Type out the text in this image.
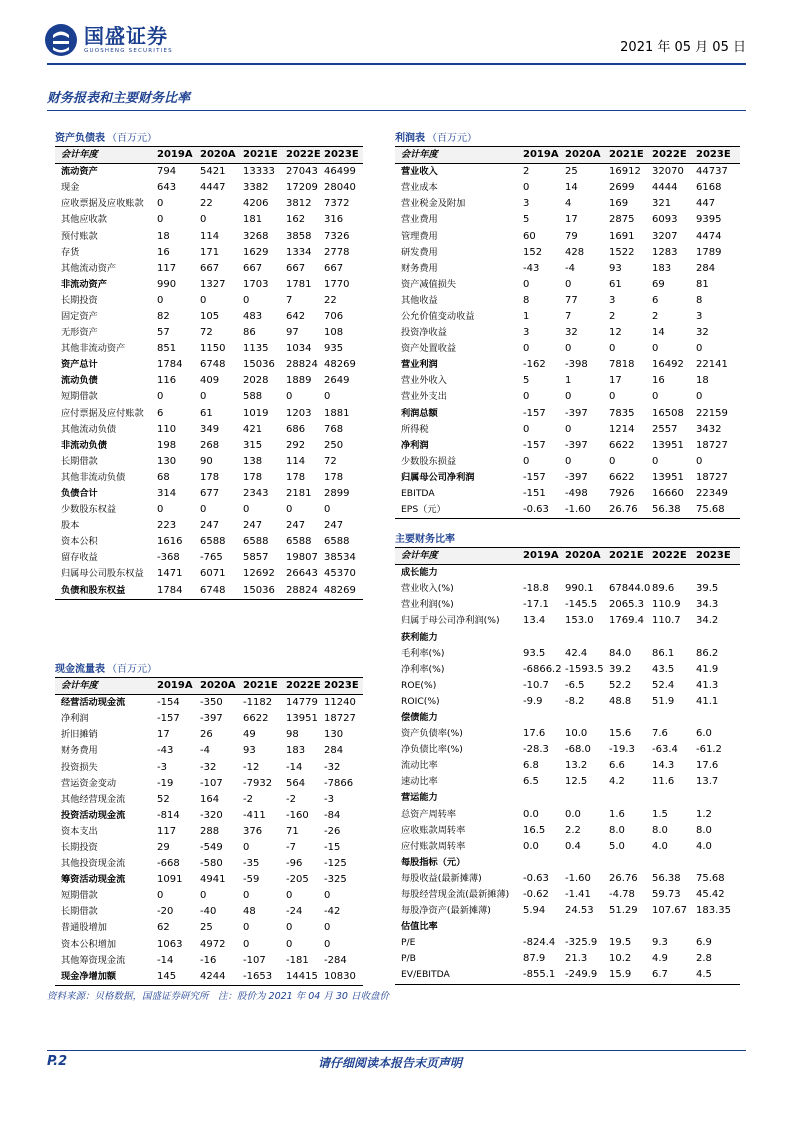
国盛证券
GUOSHENG SECURITIES	2021 年 05 月 05 日
财务报表和主要财务比率
资产负债表 （百万元）
会计年度	2019A	2020A	2021E	2022E	2023E
流动资产	794	5421	13333	27043	46499
现金	643	4447	3382	17209	28040
应收票据及应收账款	0	22	4206	3812	7372
其他应收款	0	0	181	162	316
预付账款	18	114	3268	3858	7326
存货	16	171	1629	1334	2778
其他流动资产	117	667	667	667	667
非流动资产	990	1327	1703	1781	1770
长期投资	0	0	0	7	22
固定资产	82	105	483	642	706
无形资产	57	72	86	97	108
其他非流动资产	851	1150	1135	1034	935
资产总计	1784	6748	15036	28824	48269
流动负债	116	409	2028	1889	2649
短期借款	0	0	588	0	0
应付票据及应付账款	6	61	1019	1203	1881
其他流动负债	110	349	421	686	768
非流动负债	198	268	315	292	250
长期借款	130	90	138	114	72
其他非流动负债	68	178	178	178	178
负债合计	314	677	2343	2181	2899
少数股东权益	0	0	0	0	0
股本	223	247	247	247	247
资本公积	1616	6588	6588	6588	6588
留存收益	-368	-765	5857	19807	38534
归属母公司股东权益	1471	6071	12692	26643	45370
负债和股东权益	1784	6748	15036	28824	48269
利润表 （百万元）
会计年度	2019A	2020A	2021E	2022E	2023E
营业收入	2	25	16912	32070	44737
营业成本	0	14	2699	4444	6168
营业税金及附加	3	4	169	321	447
营业费用	5	17	2875	6093	9395
管理费用	60	79	1691	3207	4474
研发费用	152	428	1522	1283	1789
财务费用	-43	-4	93	183	284
资产减值损失	0	0	61	69	81
其他收益	8	77	3	6	8
公允价值变动收益	1	7	2	2	3
投资净收益	3	32	12	14	32
资产处置收益	0	0	0	0	0
营业利润	-162	-398	7818	16492	22141
营业外收入	5	1	17	16	18
营业外支出	0	0	0	0	0
利润总额	-157	-397	7835	16508	22159
所得税	0	0	1214	2557	3432
净利润	-157	-397	6622	13951	18727
少数股东损益	0	0	0	0	0
归属母公司净利润	-157	-397	6622	13951	18727
EBITDA	-151	-498	7926	16660	22349
EPS（元）	-0.63	-1.60	26.76	56.38	75.68
主要财务比率
会计年度	2019A	2020A	2021E	2022E	2023E
成长能力					
营业收入(%)	-18.8	990.1	67844.0	89.6	39.5
营业利润(%)	-17.1	-145.5	2065.3	110.9	34.3
归属于母公司净利润(%)	13.4	153.0	1769.4	110.7	34.2
获利能力					
毛利率(%)	93.5	42.4	84.0	86.1	86.2
净利率(%)	-6866.2	-1593.5	39.2	43.5	41.9
ROE(%)	-10.7	-6.5	52.2	52.4	41.3
ROIC(%)	-9.9	-8.2	48.8	51.9	41.1
偿债能力					
资产负债率(%)	17.6	10.0	15.6	7.6	6.0
净负债比率(%)	-28.3	-68.0	-19.3	-63.4	-61.2
流动比率	6.8	13.2	6.6	14.3	17.6
速动比率	6.5	12.5	4.2	11.6	13.7
营运能力					
总资产周转率	0.0	0.0	1.6	1.5	1.2
应收账款周转率	16.5	2.2	8.0	8.0	8.0
应付账款周转率	0.0	0.4	5.0	4.0	4.0
每股指标（元）					
每股收益(最新摊薄)	-0.63	-1.60	26.76	56.38	75.68
每股经营现金流(最新摊薄)	-0.62	-1.41	-4.78	59.73	45.42
每股净资产(最新摊薄)	5.94	24.53	51.29	107.67	183.35
估值比率					
P/E	-824.4	-325.9	19.5	9.3	6.9
P/B	87.9	21.3	10.2	4.9	2.8
EV/EBITDA	-855.1	-249.9	15.9	6.7	4.5
现金流量表 （百万元）
会计年度	2019A	2020A	2021E	2022E	2023E
经营活动现金流	-154	-350	-1182	14779	11240
净利润	-157	-397	6622	13951	18727
折旧摊销	17	26	49	98	130
财务费用	-43	-4	93	183	284
投资损失	-3	-32	-12	-14	-32
营运资金变动	-19	-107	-7932	564	-7866
其他经营现金流	52	164	-2	-2	-3
投资活动现金流	-814	-320	-411	-160	-84
资本支出	117	288	376	71	-26
长期投资	29	-549	0	-7	-15
其他投资现金流	-668	-580	-35	-96	-125
筹资活动现金流	1091	4941	-59	-205	-325
短期借款	0	0	0	0	0
长期借款	-20	-40	48	-24	-42
普通股增加	62	25	0	0	0
资本公积增加	1063	4972	0	0	0
其他筹资现金流	-14	-16	-107	-181	-284
现金净增加额	145	4244	-1653	14415	10830
资料来源：贝格数据，国盛证券研究所　注：股价为 2021 年 04 月 30 日收盘价
P.2	请仔细阅读本报告末页声明
